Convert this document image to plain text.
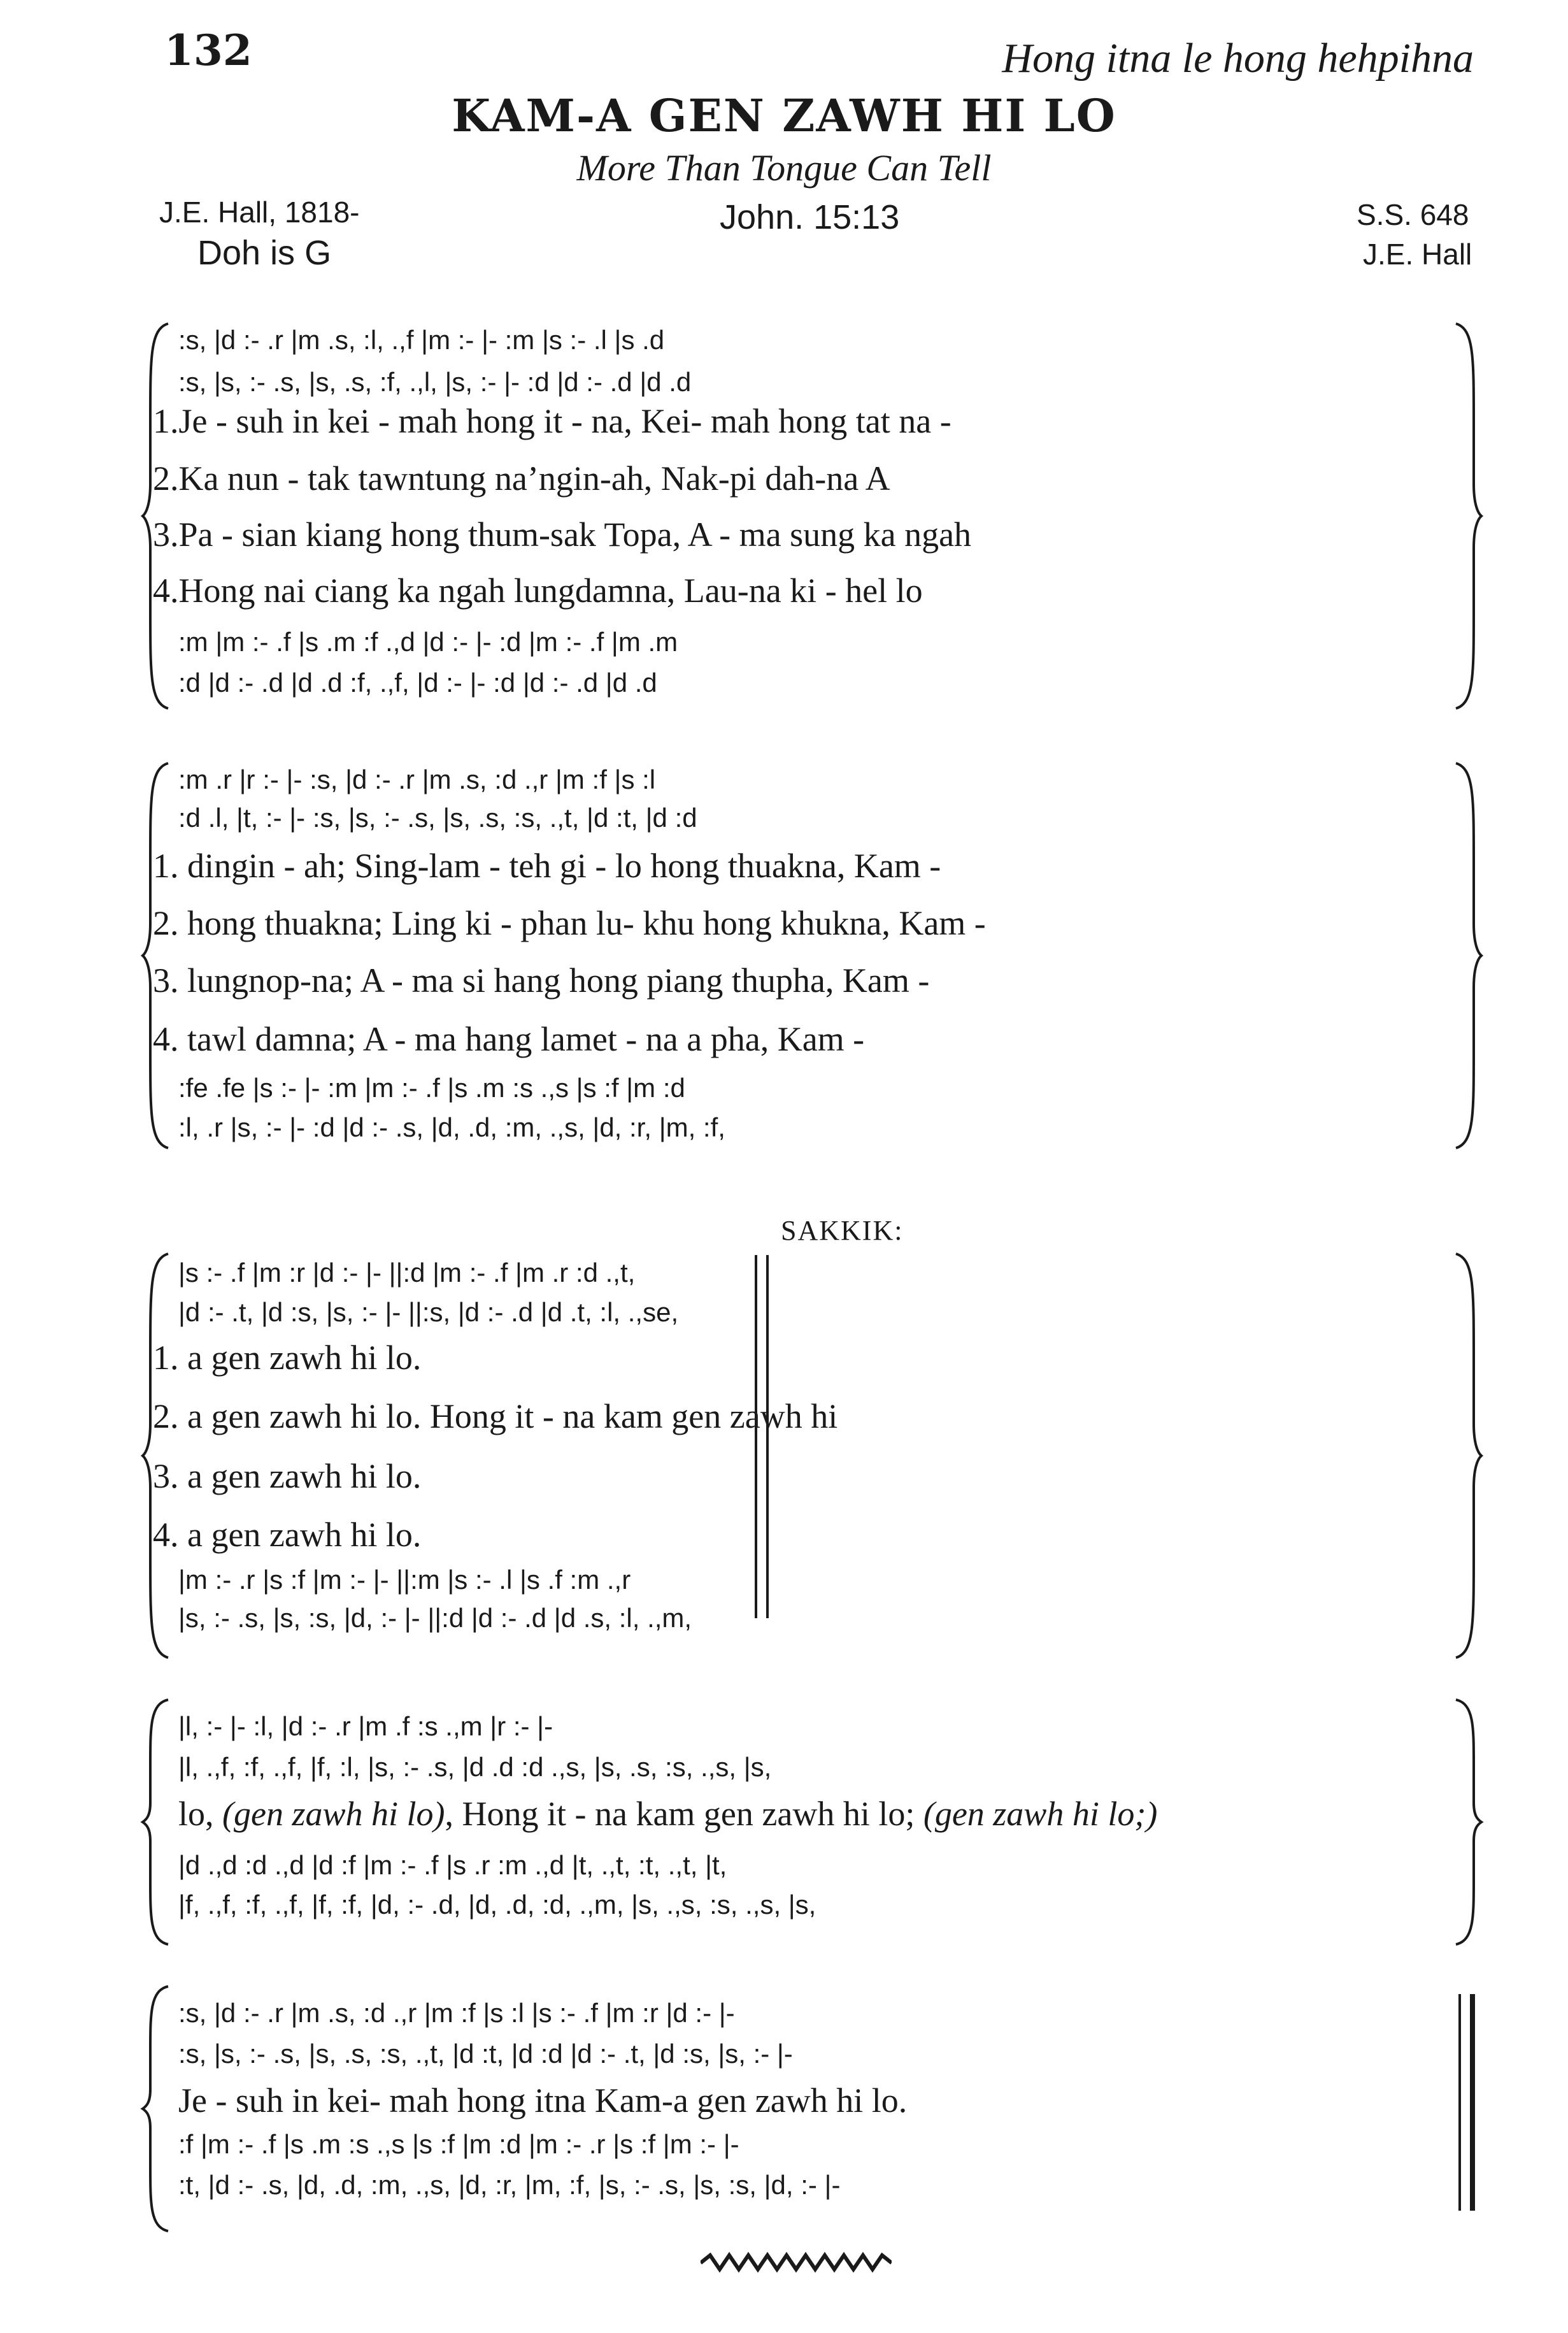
132	Hong itna le hong hehpihna
KAM-A GEN ZAWH HI LO
More Than Tongue Can Tell
J.E. Hall, 1818-
Doh is G
John. 15:13	S.S. 648
J.E. Hall
:s, |d :- .r |m .s, :l, .,f |m :- |- :m |s :- .l |s .d
:s, |s, :- .s, |s, .s, :f, .,l, |s, :- |- :d |d :- .d |d .d
1.Je - suh in kei - mah hong it - na, Kei- mah hong tat na -
2.Ka nun - tak tawntung na’ngin-ah, Nak-pi dah-na A
3.Pa - sian kiang hong thum-sak Topa, A - ma sung ka ngah
4.Hong nai ciang ka ngah lungdamna, Lau-na ki - hel lo
:m |m :- .f |s .m :f .,d |d :- |- :d |m :- .f |m .m
:d |d :- .d |d .d :f, .,f, |d :- |- :d |d :- .d |d .d
:m .r |r :- |- :s, |d :- .r |m .s, :d .,r |m :f |s :l
:d .l, |t, :- |- :s, |s, :- .s, |s, .s, :s, .,t, |d :t, |d :d
1. dingin - ah; Sing-lam - teh gi - lo hong thuakna, Kam -
2. hong thuakna; Ling ki - phan lu- khu hong khukna, Kam -
3. lungnop-na; A - ma si hang hong piang thupha, Kam -
4. tawl damna; A - ma hang lamet - na a pha, Kam -
:fe .fe |s :- |- :m |m :- .f |s .m :s .,s |s :f |m :d
:l, .r |s, :- |- :d |d :- .s, |d, .d, :m, .,s, |d, :r, |m, :f,
SAKKIK:
|s :- .f |m :r |d :- |- ||:d |m :- .f |m .r :d .,t,
|d :- .t, |d :s, |s, :- |- ||:s, |d :- .d |d .t, :l, .,se,
1. a gen zawh hi lo.
2. a gen zawh hi lo. Hong it - na kam gen zawh hi
3. a gen zawh hi lo.
4. a gen zawh hi lo.
|m :- .r |s :f |m :- |- ||:m |s :- .l |s .f :m .,r
|s, :- .s, |s, :s, |d, :- |- ||:d |d :- .d |d .s, :l, .,m,
|l, :- |- :l, |d :- .r |m .f :s .,m |r :- |-
|l, .,f, :f, .,f, |f, :l, |s, :- .s, |d .d :d .,s, |s, .s, :s, .,s, |s,
lo, (gen zawh hi lo), Hong it - na kam gen zawh hi lo; (gen zawh hi lo;)
|d .,d :d .,d |d :f |m :- .f |s .r :m .,d |t, .,t, :t, .,t, |t,
|f, .,f, :f, .,f, |f, :f, |d, :- .d, |d, .d, :d, .,m, |s, .,s, :s, .,s, |s,
:s, |d :- .r |m .s, :d .,r |m :f |s :l |s :- .f |m :r |d :- |-
:s, |s, :- .s, |s, .s, :s, .,t, |d :t, |d :d |d :- .t, |d :s, |s, :- |-
Je - suh in kei- mah hong itna Kam-a gen zawh hi lo.
:f |m :- .f |s .m :s .,s |s :f |m :d |m :- .r |s :f |m :- |-
:t, |d :- .s, |d, .d, :m, .,s, |d, :r, |m, :f, |s, :- .s, |s, :s, |d, :- |-
